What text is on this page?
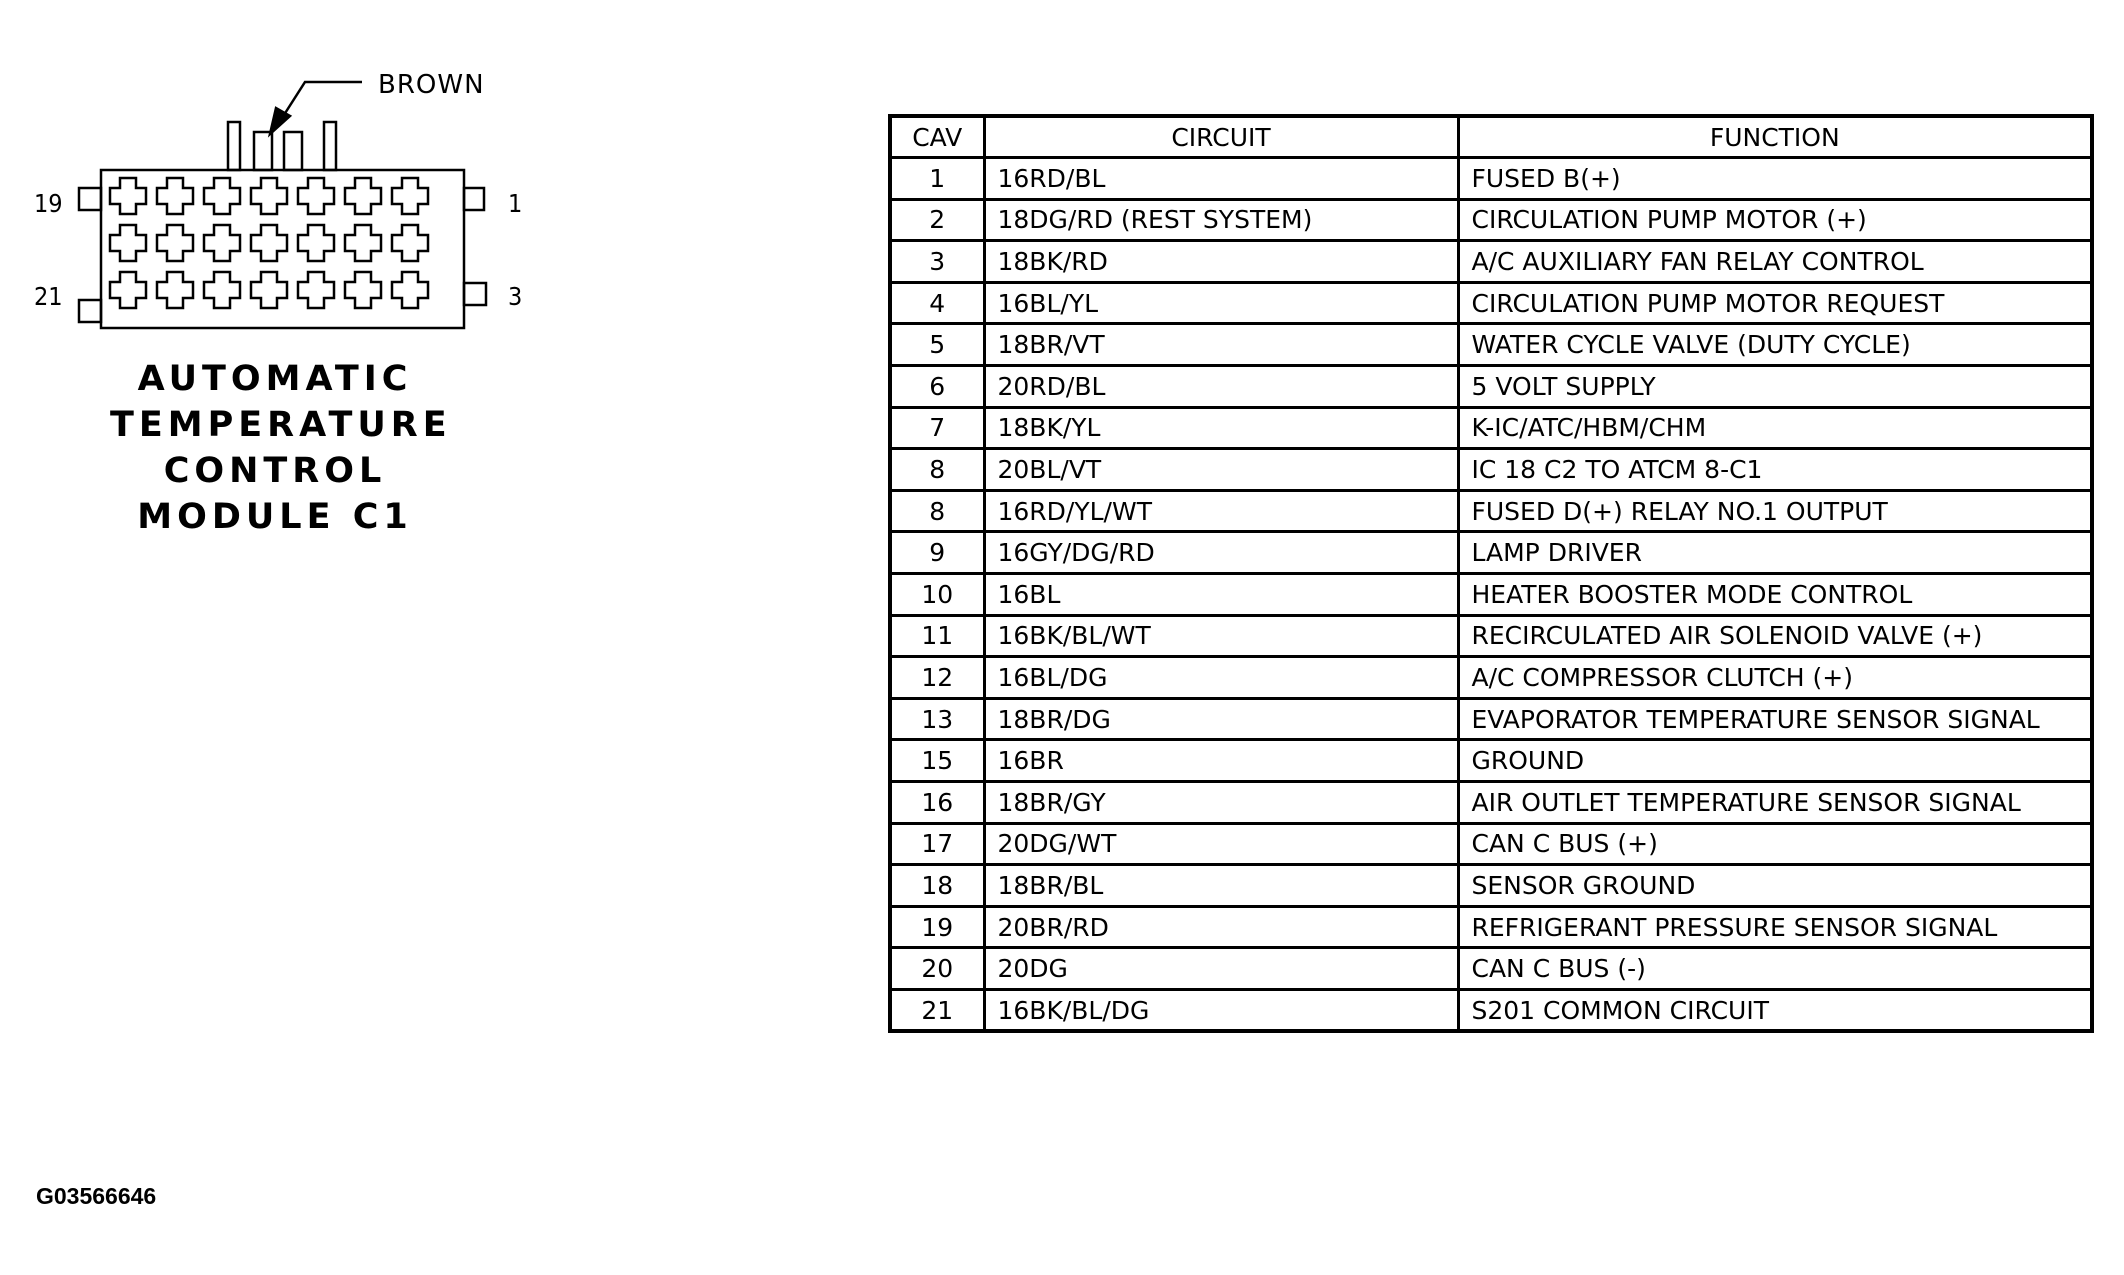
19	1
21	3
BROWN
AUTOMATIC
TEMPERATURE
CONTROL
MODULE C1
CAV	CIRCUIT	FUNCTION
1	16RD/BL	FUSED B(+)
2	18DG/RD (REST SYSTEM)	CIRCULATION PUMP MOTOR (+)
3	18BK/RD	A/C AUXILIARY FAN RELAY CONTROL
4	16BL/YL	CIRCULATION PUMP MOTOR REQUEST
5	18BR/VT	WATER CYCLE VALVE (DUTY CYCLE)
6	20RD/BL	5 VOLT SUPPLY
7	18BK/YL	K-IC/ATC/HBM/CHM
8	20BL/VT	IC 18 C2 TO ATCM 8-C1
8	16RD/YL/WT	FUSED D(+) RELAY NO.1 OUTPUT
9	16GY/DG/RD	LAMP DRIVER
10	16BL	HEATER BOOSTER MODE CONTROL
11	16BK/BL/WT	RECIRCULATED AIR SOLENOID VALVE (+)
12	16BL/DG	A/C COMPRESSOR CLUTCH (+)
13	18BR/DG	EVAPORATOR TEMPERATURE SENSOR SIGNAL
15	16BR	GROUND
16	18BR/GY	AIR OUTLET TEMPERATURE SENSOR SIGNAL
17	20DG/WT	CAN C BUS (+)
18	18BR/BL	SENSOR GROUND
19	20BR/RD	REFRIGERANT PRESSURE SENSOR SIGNAL
20	20DG	CAN C BUS (-)
21	16BK/BL/DG	S201 COMMON CIRCUIT
G03566646
